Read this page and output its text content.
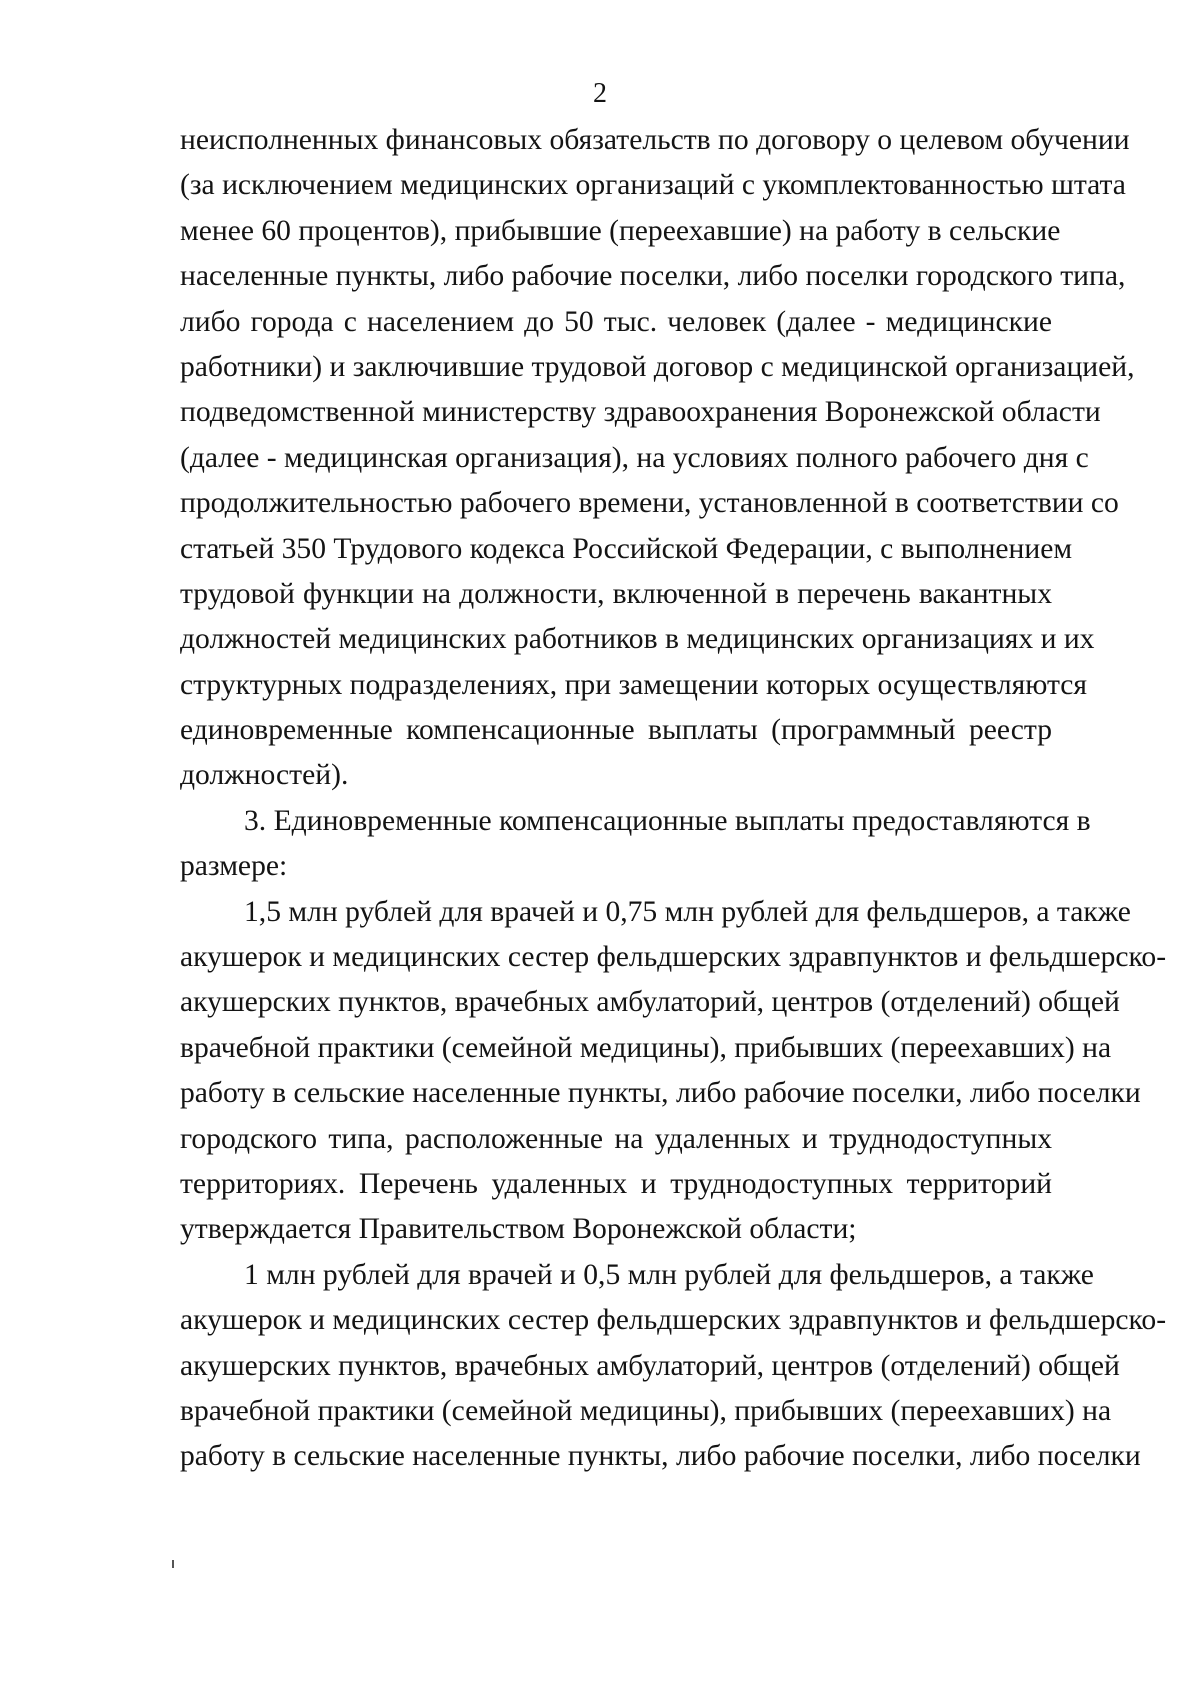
2
неисполненных финансовых обязательств по договору о целевом обучении
(за исключением медицинских организаций с укомплектованностью штата
менее 60 процентов), прибывшие (переехавшие) на работу в сельские
населенные пункты, либо рабочие поселки, либо поселки городского типа,
либо города с населением до 50 тыс. человек (далее - медицинские
работники) и заключившие трудовой договор с медицинской организацией,
подведомственной министерству здравоохранения Воронежской области
(далее - медицинская организация), на условиях полного рабочего дня с
продолжительностью рабочего времени, установленной в соответствии со
статьей 350 Трудового кодекса Российской Федерации, с выполнением
трудовой функции на должности, включенной в перечень вакантных
должностей медицинских работников в медицинских организациях и их
структурных подразделениях, при замещении которых осуществляются
единовременные компенсационные выплаты (программный реестр
должностей).
3. Единовременные компенсационные выплаты предоставляются в
размере:
1,5 млн рублей для врачей и 0,75 млн рублей для фельдшеров, а также
акушерок и медицинских сестер фельдшерских здравпунктов и фельдшерско-
акушерских пунктов, врачебных амбулаторий, центров (отделений) общей
врачебной практики (семейной медицины), прибывших (переехавших) на
работу в сельские населенные пункты, либо рабочие поселки, либо поселки
городского типа, расположенные на удаленных и труднодоступных
территориях. Перечень удаленных и труднодоступных территорий
утверждается Правительством Воронежской области;
1 млн рублей для врачей и 0,5 млн рублей для фельдшеров, а также
акушерок и медицинских сестер фельдшерских здравпунктов и фельдшерско-
акушерских пунктов, врачебных амбулаторий, центров (отделений) общей
врачебной практики (семейной медицины), прибывших (переехавших) на
работу в сельские населенные пункты, либо рабочие поселки, либо поселки
